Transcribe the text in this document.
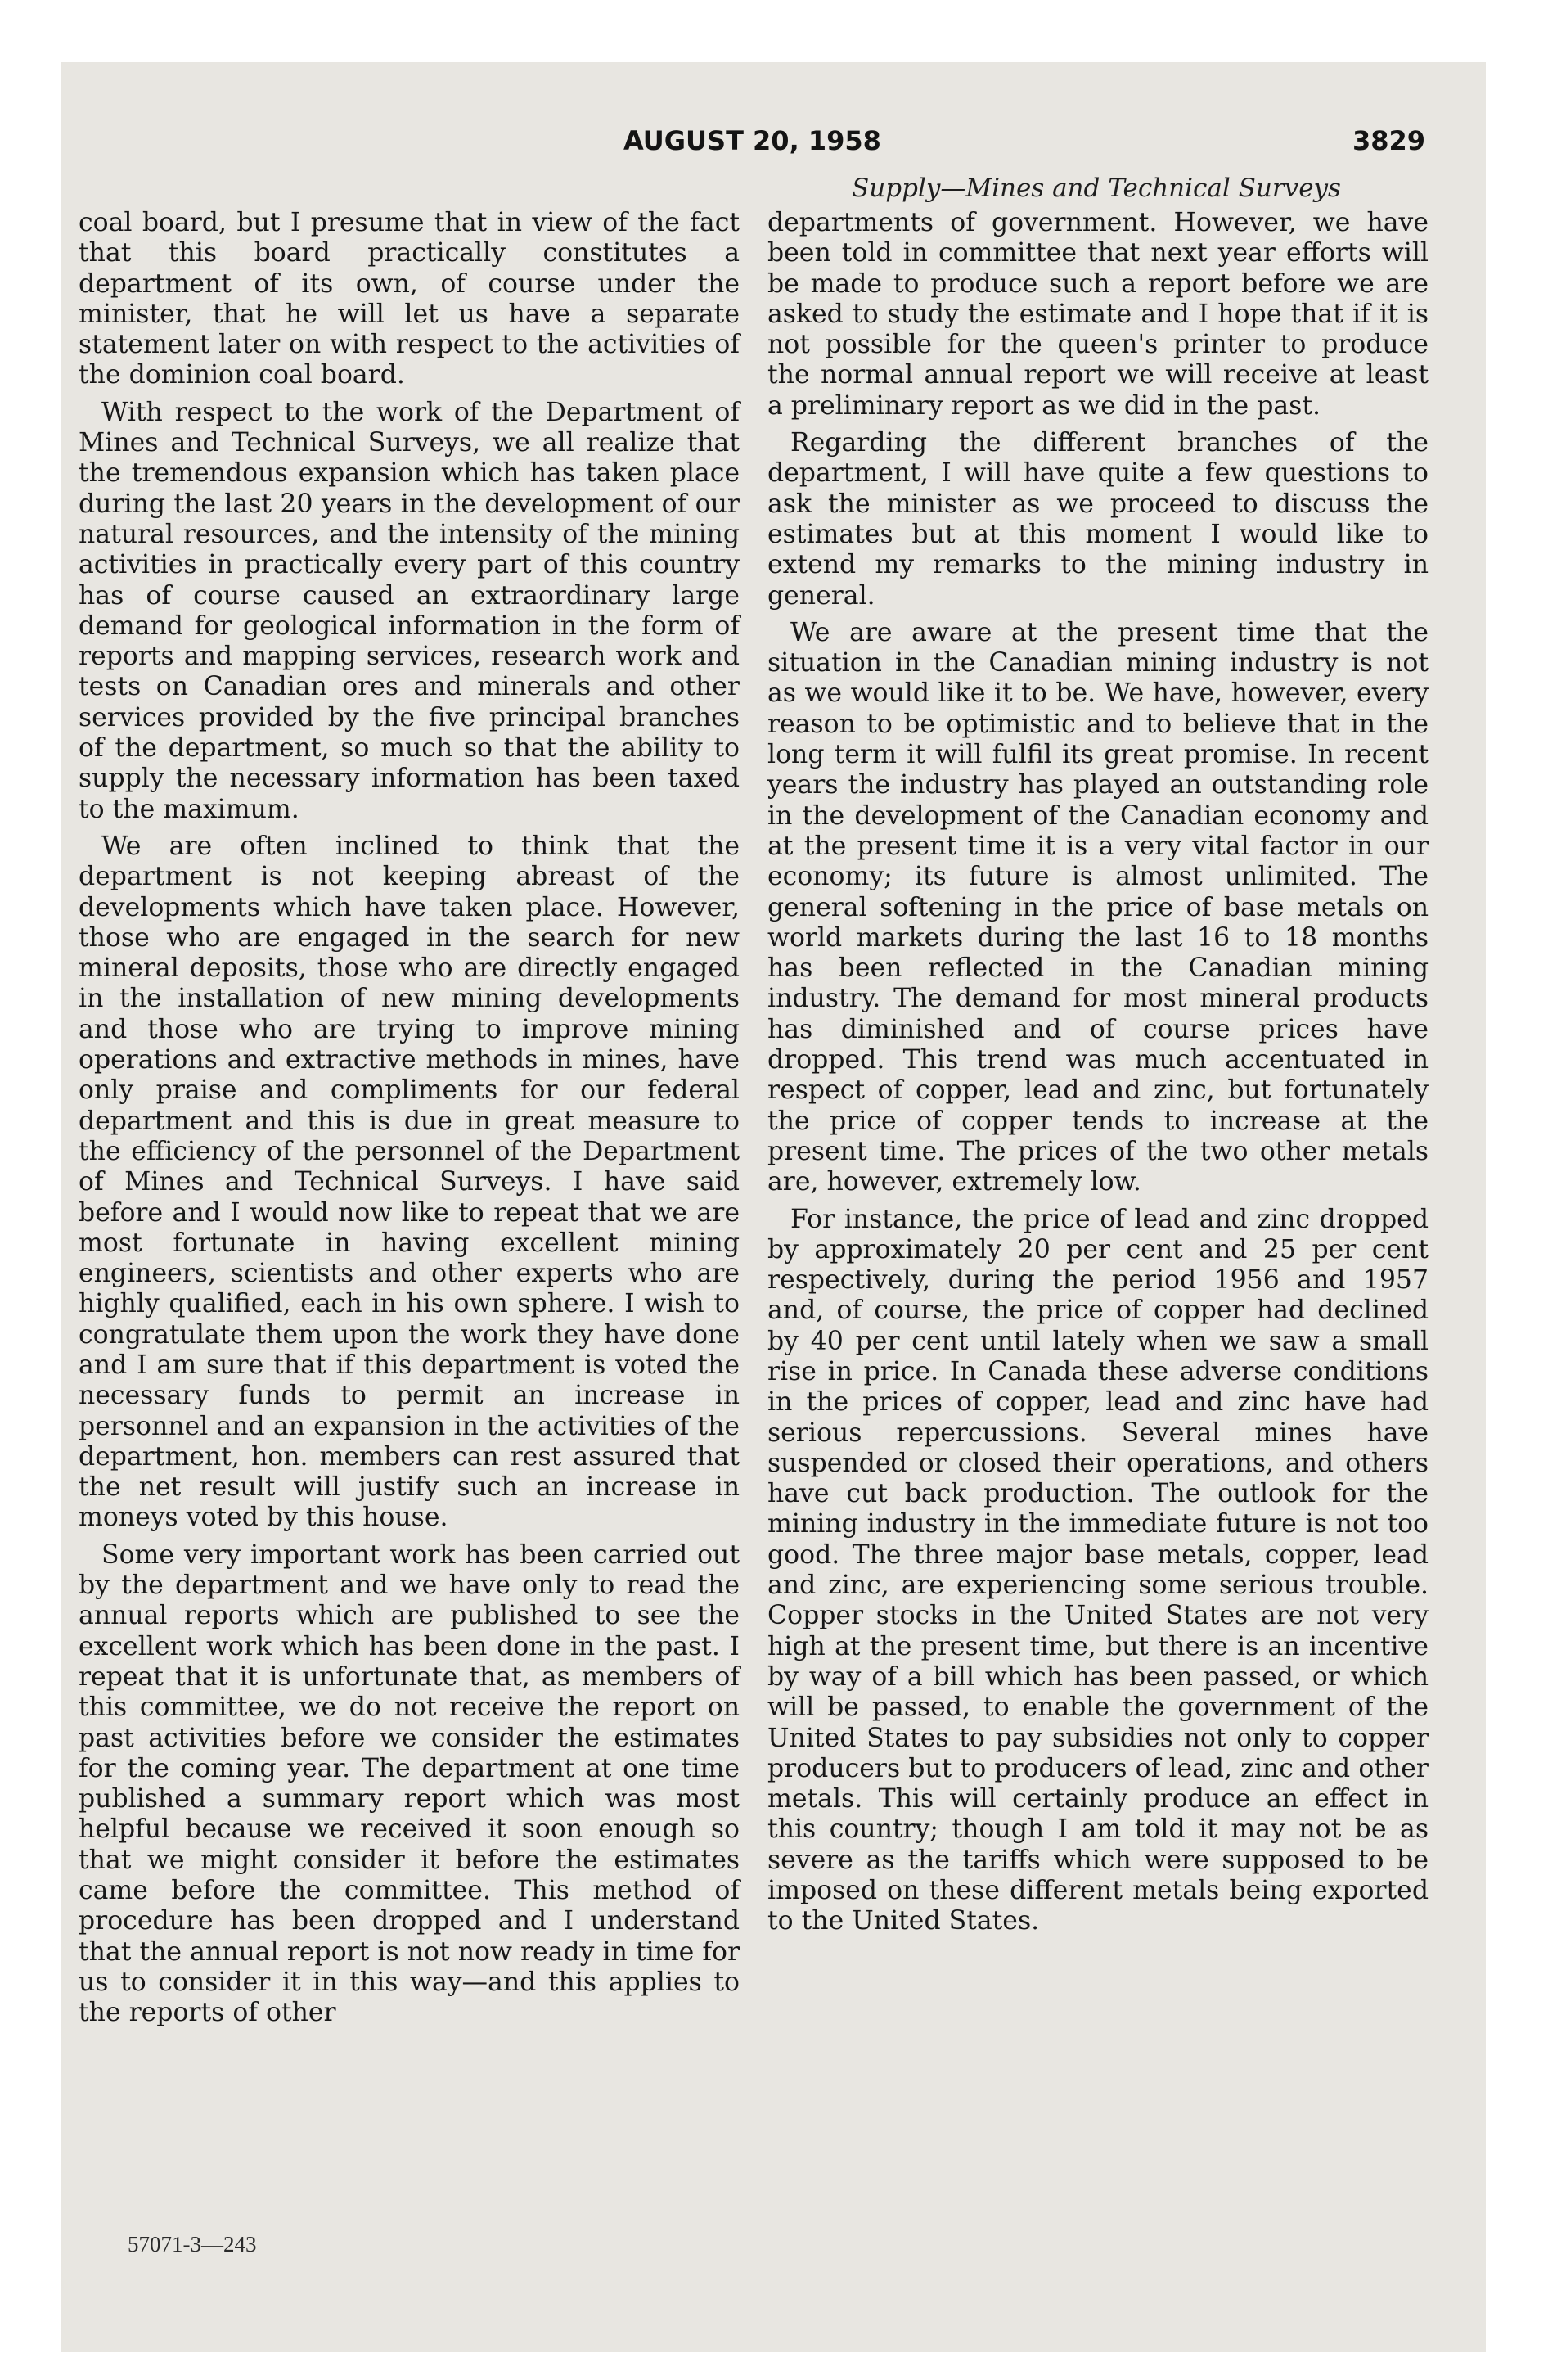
AUGUST 20, 1958	3829
Supply—Mines and Technical Surveys

coal board, but I presume that in view of the fact that this board practically constitutes a department of its own, of course under the minister, that he will let us have a separate statement later on with respect to the activities of the dominion coal board.

With respect to the work of the Department of Mines and Technical Surveys, we all realize that the tremendous expansion which has taken place during the last 20 years in the development of our natural resources, and the intensity of the mining activities in practically every part of this country has of course caused an extraordinary large demand for geological information in the form of reports and mapping services, research work and tests on Canadian ores and minerals and other services provided by the five principal branches of the department, so much so that the ability to supply the necessary information has been taxed to the maximum.

We are often inclined to think that the department is not keeping abreast of the developments which have taken place. However, those who are engaged in the search for new mineral deposits, those who are directly engaged in the installation of new mining developments and those who are trying to improve mining operations and extractive methods in mines, have only praise and compliments for our federal department and this is due in great measure to the efficiency of the personnel of the Department of Mines and Technical Surveys. I have said before and I would now like to repeat that we are most fortunate in having excellent mining engineers, scientists and other experts who are highly qualified, each in his own sphere. I wish to congratulate them upon the work they have done and I am sure that if this department is voted the necessary funds to permit an increase in personnel and an expansion in the activities of the department, hon. members can rest assured that the net result will justify such an increase in moneys voted by this house.

Some very important work has been carried out by the department and we have only to read the annual reports which are published to see the excellent work which has been done in the past. I repeat that it is unfortunate that, as members of this committee, we do not receive the report on past activities before we consider the estimates for the coming year. The department at one time published a summary report which was most helpful because we received it soon enough so that we might consider it before the estimates came before the committee. This method of procedure has been dropped and I understand that the annual report is not now ready in time for us to consider it in this way—and this applies to the reports of other

departments of government. However, we have been told in committee that next year efforts will be made to produce such a report before we are asked to study the estimate and I hope that if it is not possible for the queen's printer to produce the normal annual report we will receive at least a preliminary report as we did in the past.

Regarding the different branches of the department, I will have quite a few questions to ask the minister as we proceed to discuss the estimates but at this moment I would like to extend my remarks to the mining industry in general.

We are aware at the present time that the situation in the Canadian mining industry is not as we would like it to be. We have, however, every reason to be optimistic and to believe that in the long term it will fulfil its great promise. In recent years the industry has played an outstanding role in the development of the Canadian economy and at the present time it is a very vital factor in our economy; its future is almost unlimited. The general softening in the price of base metals on world markets during the last 16 to 18 months has been reflected in the Canadian mining industry. The demand for most mineral products has diminished and of course prices have dropped. This trend was much accentuated in respect of copper, lead and zinc, but fortunately the price of copper tends to increase at the present time. The prices of the two other metals are, however, extremely low.

For instance, the price of lead and zinc dropped by approximately 20 per cent and 25 per cent respectively, during the period 1956 and 1957 and, of course, the price of copper had declined by 40 per cent until lately when we saw a small rise in price. In Canada these adverse conditions in the prices of copper, lead and zinc have had serious repercussions. Several mines have suspended or closed their operations, and others have cut back production. The outlook for the mining industry in the immediate future is not too good. The three major base metals, copper, lead and zinc, are experiencing some serious trouble. Copper stocks in the United States are not very high at the present time, but there is an incentive by way of a bill which has been passed, or which will be passed, to enable the government of the United States to pay subsidies not only to copper producers but to producers of lead, zinc and other metals. This will certainly produce an effect in this country; though I am told it may not be as severe as the tariffs which were supposed to be imposed on these different metals being exported to the United States.

57071-3—243
